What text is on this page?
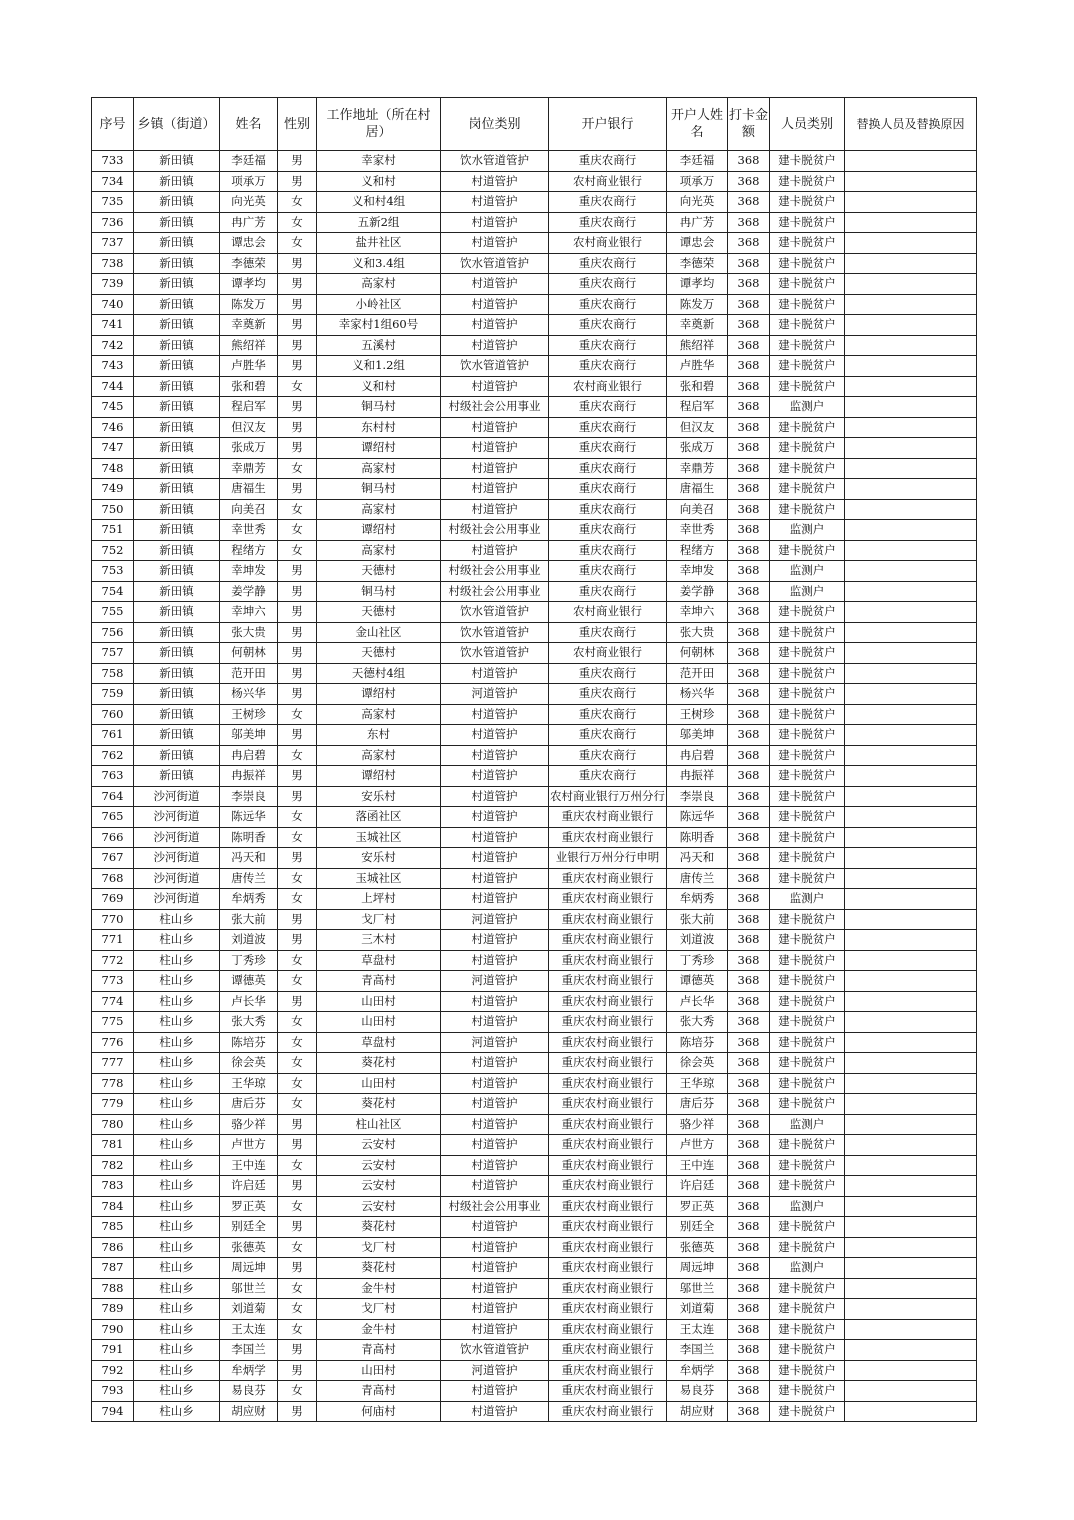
序号	乡镇（街道）	姓名	性别	工作地址（所在村居）	岗位类别	开户银行	开户人姓名	打卡金额	人员类别	替换人员及替换原因
733	新田镇	李廷福	男	幸家村	饮水管道管护	重庆农商行	李廷福	368	建卡脱贫户	
734	新田镇	项承万	男	义和村	村道管护	农村商业银行	项承万	368	建卡脱贫户	
735	新田镇	向光英	女	义和村4组	村道管护	重庆农商行	向光英	368	建卡脱贫户	
736	新田镇	冉广芳	女	五新2组	村道管护	重庆农商行	冉广芳	368	建卡脱贫户	
737	新田镇	谭忠会	女	盐井社区	村道管护	农村商业银行	谭忠会	368	建卡脱贫户	
738	新田镇	李德荣	男	义和3.4组	饮水管道管护	重庆农商行	李德荣	368	建卡脱贫户	
739	新田镇	谭孝均	男	高家村	村道管护	重庆农商行	谭孝均	368	建卡脱贫户	
740	新田镇	陈发万	男	小岭社区	村道管护	重庆农商行	陈发万	368	建卡脱贫户	
741	新田镇	幸奠新	男	幸家村1组60号	村道管护	重庆农商行	幸奠新	368	建卡脱贫户	
742	新田镇	熊绍祥	男	五溪村	村道管护	重庆农商行	熊绍祥	368	建卡脱贫户	
743	新田镇	卢胜华	男	义和1.2组	饮水管道管护	重庆农商行	卢胜华	368	建卡脱贫户	
744	新田镇	张和碧	女	义和村	村道管护	农村商业银行	张和碧	368	建卡脱贫户	
745	新田镇	程启军	男	铜马村	村级社会公用事业	重庆农商行	程启军	368	监测户	
746	新田镇	但汉友	男	东村村	村道管护	重庆农商行	但汉友	368	建卡脱贫户	
747	新田镇	张成万	男	谭绍村	村道管护	重庆农商行	张成万	368	建卡脱贫户	
748	新田镇	幸鼎芳	女	高家村	村道管护	重庆农商行	幸鼎芳	368	建卡脱贫户	
749	新田镇	唐福生	男	铜马村	村道管护	重庆农商行	唐福生	368	建卡脱贫户	
750	新田镇	向美召	女	高家村	村道管护	重庆农商行	向美召	368	建卡脱贫户	
751	新田镇	幸世秀	女	谭绍村	村级社会公用事业	重庆农商行	幸世秀	368	监测户	
752	新田镇	程绪方	女	高家村	村道管护	重庆农商行	程绪方	368	建卡脱贫户	
753	新田镇	幸坤发	男	天德村	村级社会公用事业	重庆农商行	幸坤发	368	监测户	
754	新田镇	姜学静	男	铜马村	村级社会公用事业	重庆农商行	姜学静	368	监测户	
755	新田镇	幸坤六	男	天德村	饮水管道管护	农村商业银行	幸坤六	368	建卡脱贫户	
756	新田镇	张大贵	男	金山社区	饮水管道管护	重庆农商行	张大贵	368	建卡脱贫户	
757	新田镇	何朝林	男	天德村	饮水管道管护	农村商业银行	何朝林	368	建卡脱贫户	
758	新田镇	范开田	男	天德村4组	村道管护	重庆农商行	范开田	368	建卡脱贫户	
759	新田镇	杨兴华	男	谭绍村	河道管护	重庆农商行	杨兴华	368	建卡脱贫户	
760	新田镇	王树珍	女	高家村	村道管护	重庆农商行	王树珍	368	建卡脱贫户	
761	新田镇	邬美坤	男	东村	村道管护	重庆农商行	邬美坤	368	建卡脱贫户	
762	新田镇	冉启碧	女	高家村	村道管护	重庆农商行	冉启碧	368	建卡脱贫户	
763	新田镇	冉振祥	男	谭绍村	村道管护	重庆农商行	冉振祥	368	建卡脱贫户	
764	沙河街道	李崇良	男	安乐村	村道管护	农村商业银行万州分行	李崇良	368	建卡脱贫户	
765	沙河街道	陈远华	女	落函社区	村道管护	重庆农村商业银行	陈远华	368	建卡脱贫户	
766	沙河街道	陈明香	女	玉城社区	村道管护	重庆农村商业银行	陈明香	368	建卡脱贫户	
767	沙河街道	冯天和	男	安乐村	村道管护	业银行万州分行申明	冯天和	368	建卡脱贫户	
768	沙河街道	唐传兰	女	玉城社区	村道管护	重庆农村商业银行	唐传兰	368	建卡脱贫户	
769	沙河街道	牟炳秀	女	上坪村	村道管护	重庆农村商业银行	牟炳秀	368	监测户	
770	柱山乡	张大前	男	戈厂村	河道管护	重庆农村商业银行	张大前	368	建卡脱贫户	
771	柱山乡	刘道波	男	三木村	村道管护	重庆农村商业银行	刘道波	368	建卡脱贫户	
772	柱山乡	丁秀珍	女	草盘村	村道管护	重庆农村商业银行	丁秀珍	368	建卡脱贫户	
773	柱山乡	谭德英	女	青高村	河道管护	重庆农村商业银行	谭德英	368	建卡脱贫户	
774	柱山乡	卢长华	男	山田村	村道管护	重庆农村商业银行	卢长华	368	建卡脱贫户	
775	柱山乡	张大秀	女	山田村	村道管护	重庆农村商业银行	张大秀	368	建卡脱贫户	
776	柱山乡	陈培芬	女	草盘村	河道管护	重庆农村商业银行	陈培芬	368	建卡脱贫户	
777	柱山乡	徐会英	女	葵花村	村道管护	重庆农村商业银行	徐会英	368	建卡脱贫户	
778	柱山乡	王华琼	女	山田村	村道管护	重庆农村商业银行	王华琼	368	建卡脱贫户	
779	柱山乡	唐后芬	女	葵花村	村道管护	重庆农村商业银行	唐后芬	368	建卡脱贫户	
780	柱山乡	骆少祥	男	柱山社区	村道管护	重庆农村商业银行	骆少祥	368	监测户	
781	柱山乡	卢世方	男	云安村	村道管护	重庆农村商业银行	卢世方	368	建卡脱贫户	
782	柱山乡	王中连	女	云安村	村道管护	重庆农村商业银行	王中连	368	建卡脱贫户	
783	柱山乡	许启廷	男	云安村	村道管护	重庆农村商业银行	许启廷	368	建卡脱贫户	
784	柱山乡	罗正英	女	云安村	村级社会公用事业	重庆农村商业银行	罗正英	368	监测户	
785	柱山乡	别廷全	男	葵花村	村道管护	重庆农村商业银行	别廷全	368	建卡脱贫户	
786	柱山乡	张德英	女	戈厂村	村道管护	重庆农村商业银行	张德英	368	建卡脱贫户	
787	柱山乡	周远坤	男	葵花村	村道管护	重庆农村商业银行	周远坤	368	监测户	
788	柱山乡	邬世兰	女	金牛村	村道管护	重庆农村商业银行	邬世兰	368	建卡脱贫户	
789	柱山乡	刘道菊	女	戈厂村	村道管护	重庆农村商业银行	刘道菊	368	建卡脱贫户	
790	柱山乡	王太连	女	金牛村	村道管护	重庆农村商业银行	王太连	368	建卡脱贫户	
791	柱山乡	李国兰	男	青高村	饮水管道管护	重庆农村商业银行	李国兰	368	建卡脱贫户	
792	柱山乡	牟炳学	男	山田村	河道管护	重庆农村商业银行	牟炳学	368	建卡脱贫户	
793	柱山乡	易良芬	女	青高村	村道管护	重庆农村商业银行	易良芬	368	建卡脱贫户	
794	柱山乡	胡应财	男	何庙村	村道管护	重庆农村商业银行	胡应财	368	建卡脱贫户	
